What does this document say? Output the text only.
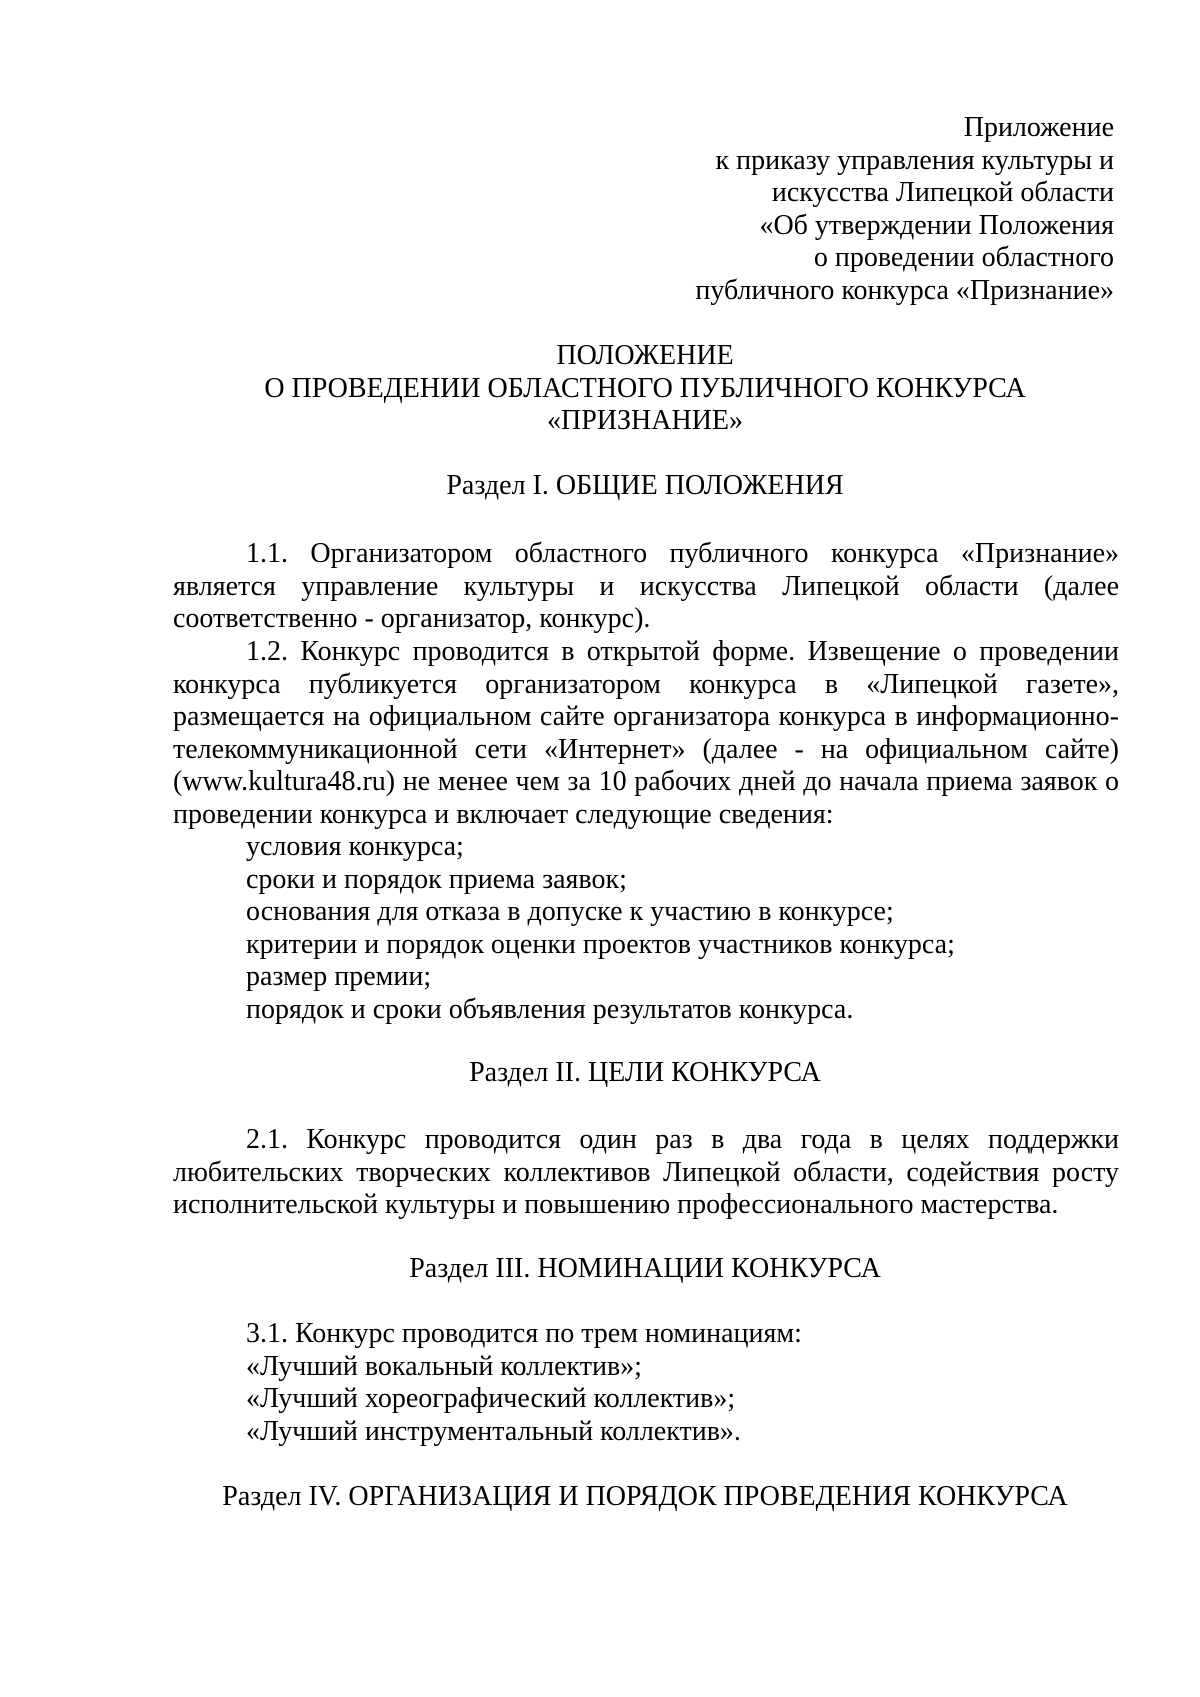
Приложение
к приказу управления культуры и
искусства Липецкой области
«Об утверждении Положения
о проведении областного
публичного конкурса «Признание»
ПОЛОЖЕНИЕ
О ПРОВЕДЕНИИ ОБЛАСТНОГО ПУБЛИЧНОГО КОНКУРСА
«ПРИЗНАНИЕ»
Раздел I. ОБЩИЕ ПОЛОЖЕНИЯ
1.1. Организатором областного публичного конкурса «Признание» является управление культуры и искусства Липецкой области (далее соответственно - организатор, конкурс).
1.2. Конкурс проводится в открытой форме. Извещение о проведении конкурса публикуется организатором конкурса в «Липецкой газете», размещается на официальном сайте организатора конкурса в информационно-телекоммуникационной сети «Интернет» (далее - на официальном сайте) (www.kultura48.ru) не менее чем за 10 рабочих дней до начала приема заявок о проведении конкурса и включает следующие сведения:
условия конкурса;
сроки и порядок приема заявок;
основания для отказа в допуске к участию в конкурсе;
критерии и порядок оценки проектов участников конкурса;
размер премии;
порядок и сроки объявления результатов конкурса.
Раздел II. ЦЕЛИ КОНКУРСА
2.1. Конкурс проводится один раз в два года в целях поддержки любительских творческих коллективов Липецкой области, содействия росту исполнительской культуры и повышению профессионального мастерства.
Раздел III. НОМИНАЦИИ КОНКУРСА
3.1. Конкурс проводится по трем номинациям:
«Лучший вокальный коллектив»;
«Лучший хореографический коллектив»;
«Лучший инструментальный коллектив».
Раздел IV. ОРГАНИЗАЦИЯ И ПОРЯДОК ПРОВЕДЕНИЯ КОНКУРСА
